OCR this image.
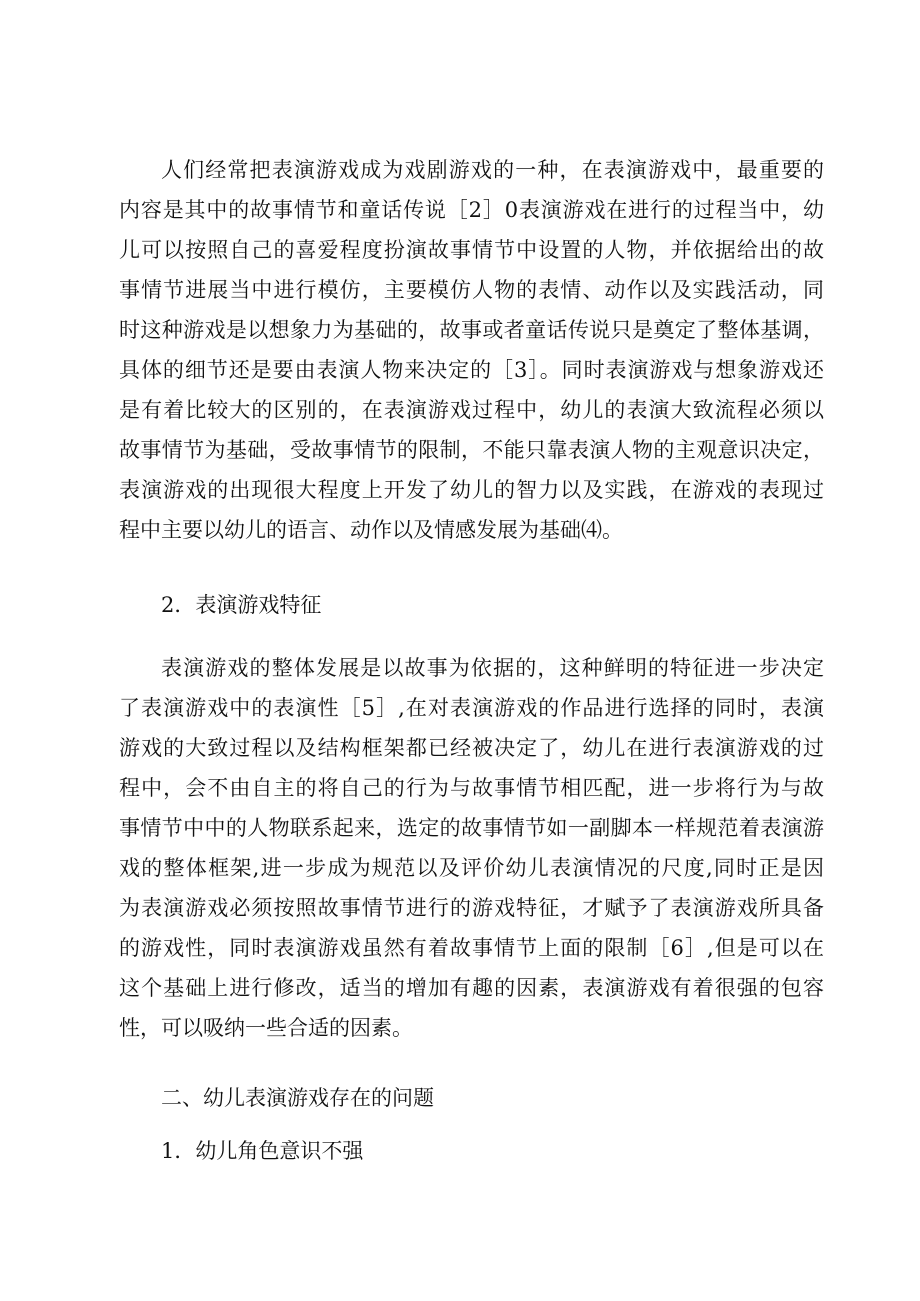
人们经常把表演游戏成为戏剧游戏的一种，在表演游戏中，最重要的
内容是其中的故事情节和童话传说［2］0表演游戏在进行的过程当中，幼
儿可以按照自己的喜爱程度扮演故事情节中设置的人物，并依据给出的故
事情节进展当中进行模仿，主要模仿人物的表情、动作以及实践活动，同
时这种游戏是以想象力为基础的，故事或者童话传说只是奠定了整体基调，
具体的细节还是要由表演人物来决定的［3］。同时表演游戏与想象游戏还
是有着比较大的区别的，在表演游戏过程中，幼儿的表演大致流程必须以
故事情节为基础，受故事情节的限制，不能只靠表演人物的主观意识决定，
表演游戏的出现很大程度上开发了幼儿的智力以及实践，在游戏的表现过
程中主要以幼儿的语言、动作以及情感发展为基础⑷。
2．表演游戏特征
表演游戏的整体发展是以故事为依据的，这种鲜明的特征进一步决定
了表演游戏中的表演性［5］,在对表演游戏的作品进行选择的同时，表演
游戏的大致过程以及结构框架都已经被决定了，幼儿在进行表演游戏的过
程中，会不由自主的将自己的行为与故事情节相匹配，进一步将行为与故
事情节中中的人物联系起来，选定的故事情节如一副脚本一样规范着表演游
戏的整体框架,进一步成为规范以及评价幼儿表演情况的尺度,同时正是因
为表演游戏必须按照故事情节进行的游戏特征，才赋予了表演游戏所具备
的游戏性，同时表演游戏虽然有着故事情节上面的限制［6］,但是可以在
这个基础上进行修改，适当的增加有趣的因素，表演游戏有着很强的包容
性，可以吸纳一些合适的因素。
二、幼儿表演游戏存在的问题
1．幼儿角色意识不强
